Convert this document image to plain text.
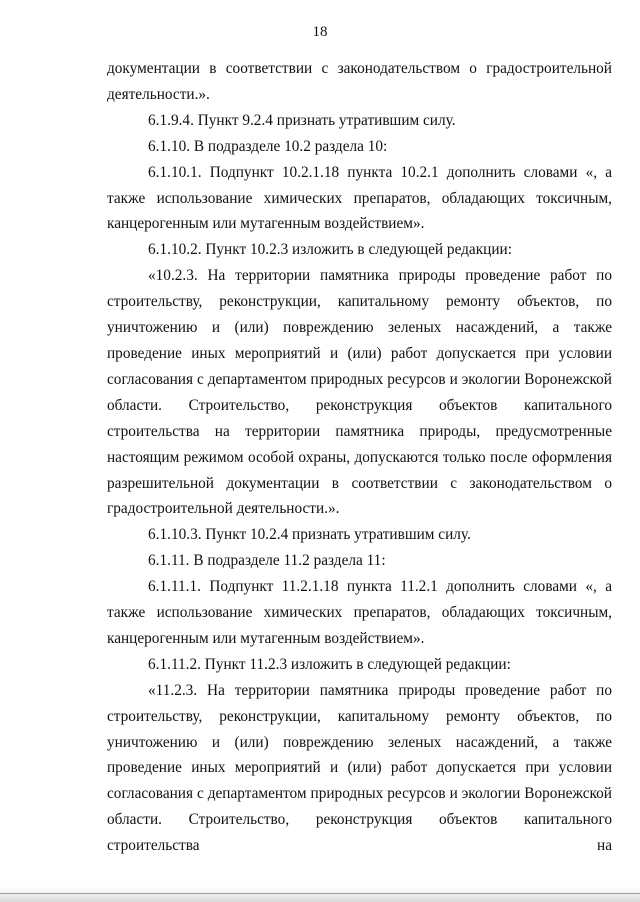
18

документации в соответствии с законодательством о градостроительной деятельности.».

6.1.9.4. Пункт 9.2.4 признать утратившим силу.

6.1.10. В подразделе 10.2 раздела 10:

6.1.10.1. Подпункт 10.2.1.18 пункта 10.2.1 дополнить словами «, а также использование химических препаратов, обладающих токсичным, канцерогенным или мутагенным воздействием».

6.1.10.2. Пункт 10.2.3 изложить в следующей редакции:

«10.2.3. На территории памятника природы проведение работ по строительству, реконструкции, капитальному ремонту объектов, по уничтожению и (или) повреждению зеленых насаждений, а также проведение иных мероприятий и (или) работ допускается при условии согласования с департаментом природных ресурсов и экологии Воронежской области. Строительство, реконструкция объектов капитального строительства на территории памятника природы, предусмотренные настоящим режимом особой охраны, допускаются только после оформления разрешительной документации в соответствии с законодательством о градостроительной деятельности.».

6.1.10.3. Пункт 10.2.4 признать утратившим силу.

6.1.11. В подразделе 11.2 раздела 11:

6.1.11.1. Подпункт 11.2.1.18 пункта 11.2.1 дополнить словами «, а также использование химических препаратов, обладающих токсичным, канцерогенным или мутагенным воздействием».

6.1.11.2. Пункт 11.2.3 изложить в следующей редакции:

«11.2.3. На территории памятника природы проведение работ по строительству, реконструкции, капитальному ремонту объектов, по уничтожению и (или) повреждению зеленых насаждений, а также проведение иных мероприятий и (или) работ допускается при условии согласования с департаментом природных ресурсов и экологии Воронежской области. Строительство, реконструкция объектов капитального строительства на
